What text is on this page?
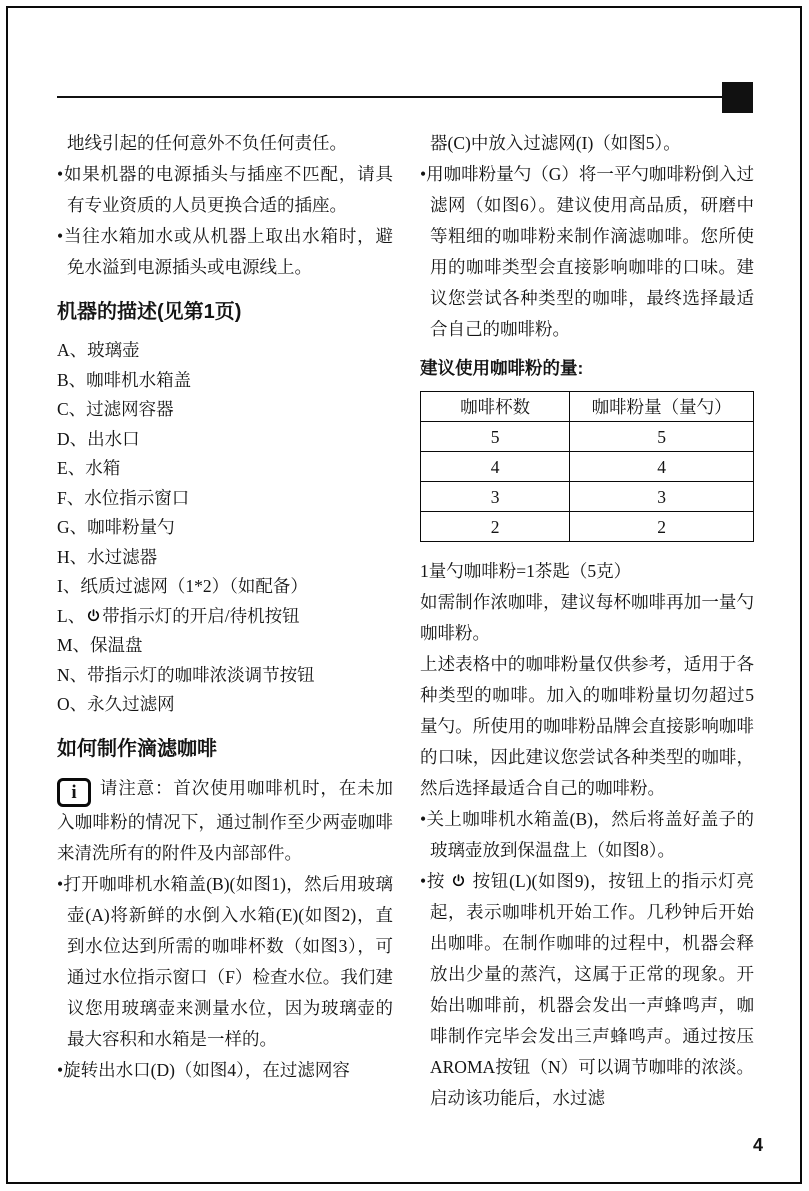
地线引起的任何意外不负任何责任。

•如果机器的电源插头与插座不匹配，请具有专业资质的人员更换合适的插座。

•当往水箱加水或从机器上取出水箱时，避免水溢到电源插头或电源线上。

机器的描述(见第1页)
A、玻璃壶
B、咖啡机水箱盖
C、过滤网容器
D、出水口
E、水箱
F、水位指示窗口
G、咖啡粉量勺
H、水过滤器
I、纸质过滤网（1*2）（如配备）
L、 带指示灯的开启/待机按钮
M、保温盘
N、带指示灯的咖啡浓淡调节按钮
O、永久过滤网
如何制作滴滤咖啡

i 请注意：首次使用咖啡机时，在未加入咖啡粉的情况下，通过制作至少两壶咖啡来清洗所有的附件及内部部件。

•打开咖啡机水箱盖(B)(如图1)，然后用玻璃壶(A)将新鲜的水倒入水箱(E)(如图2)，直到水位达到所需的咖啡杯数（如图3），可通过水位指示窗口（F）检查水位。我们建议您用玻璃壶来测量水位，因为玻璃壶的最大容积和水箱是一样的。

•旋转出水口(D)（如图4），在过滤网容

器(C)中放入过滤网(I)（如图5）。

•用咖啡粉量勺（G）将一平勺咖啡粉倒入过滤网（如图6）。建议使用高品质，研磨中等粗细的咖啡粉来制作滴滤咖啡。您所使用的咖啡类型会直接影响咖啡的口味。建议您尝试各种类型的咖啡，最终选择最适合自己的咖啡粉。

建议使用咖啡粉的量:
咖啡杯数	咖啡粉量（量勺）
5	5
4	4
3	3
2	2

1量勺咖啡粉=1茶匙（5克）

如需制作浓咖啡，建议每杯咖啡再加一量勺咖啡粉。

上述表格中的咖啡粉量仅供参考，适用于各种类型的咖啡。加入的咖啡粉量切勿超过5量勺。所使用的咖啡粉品牌会直接影响咖啡的口味，因此建议您尝试各种类型的咖啡，然后选择最适合自己的咖啡粉。

•关上咖啡机水箱盖(B)，然后将盖好盖子的玻璃壶放到保温盘上（如图8）。

•按
按钮(L)(如图9)，按钮上的指示灯亮起，表示咖啡机开始工作。几秒钟后开始出咖啡。在制作咖啡的过程中，机器会释放出少量的蒸汽，这属于正常的现象。开始出咖啡前，机器会发出一声蜂鸣声，咖啡制作完毕会发出三声蜂鸣声。通过按压AROMA按钮（N）可以调节咖啡的浓淡。启动该功能后，水过滤

4
